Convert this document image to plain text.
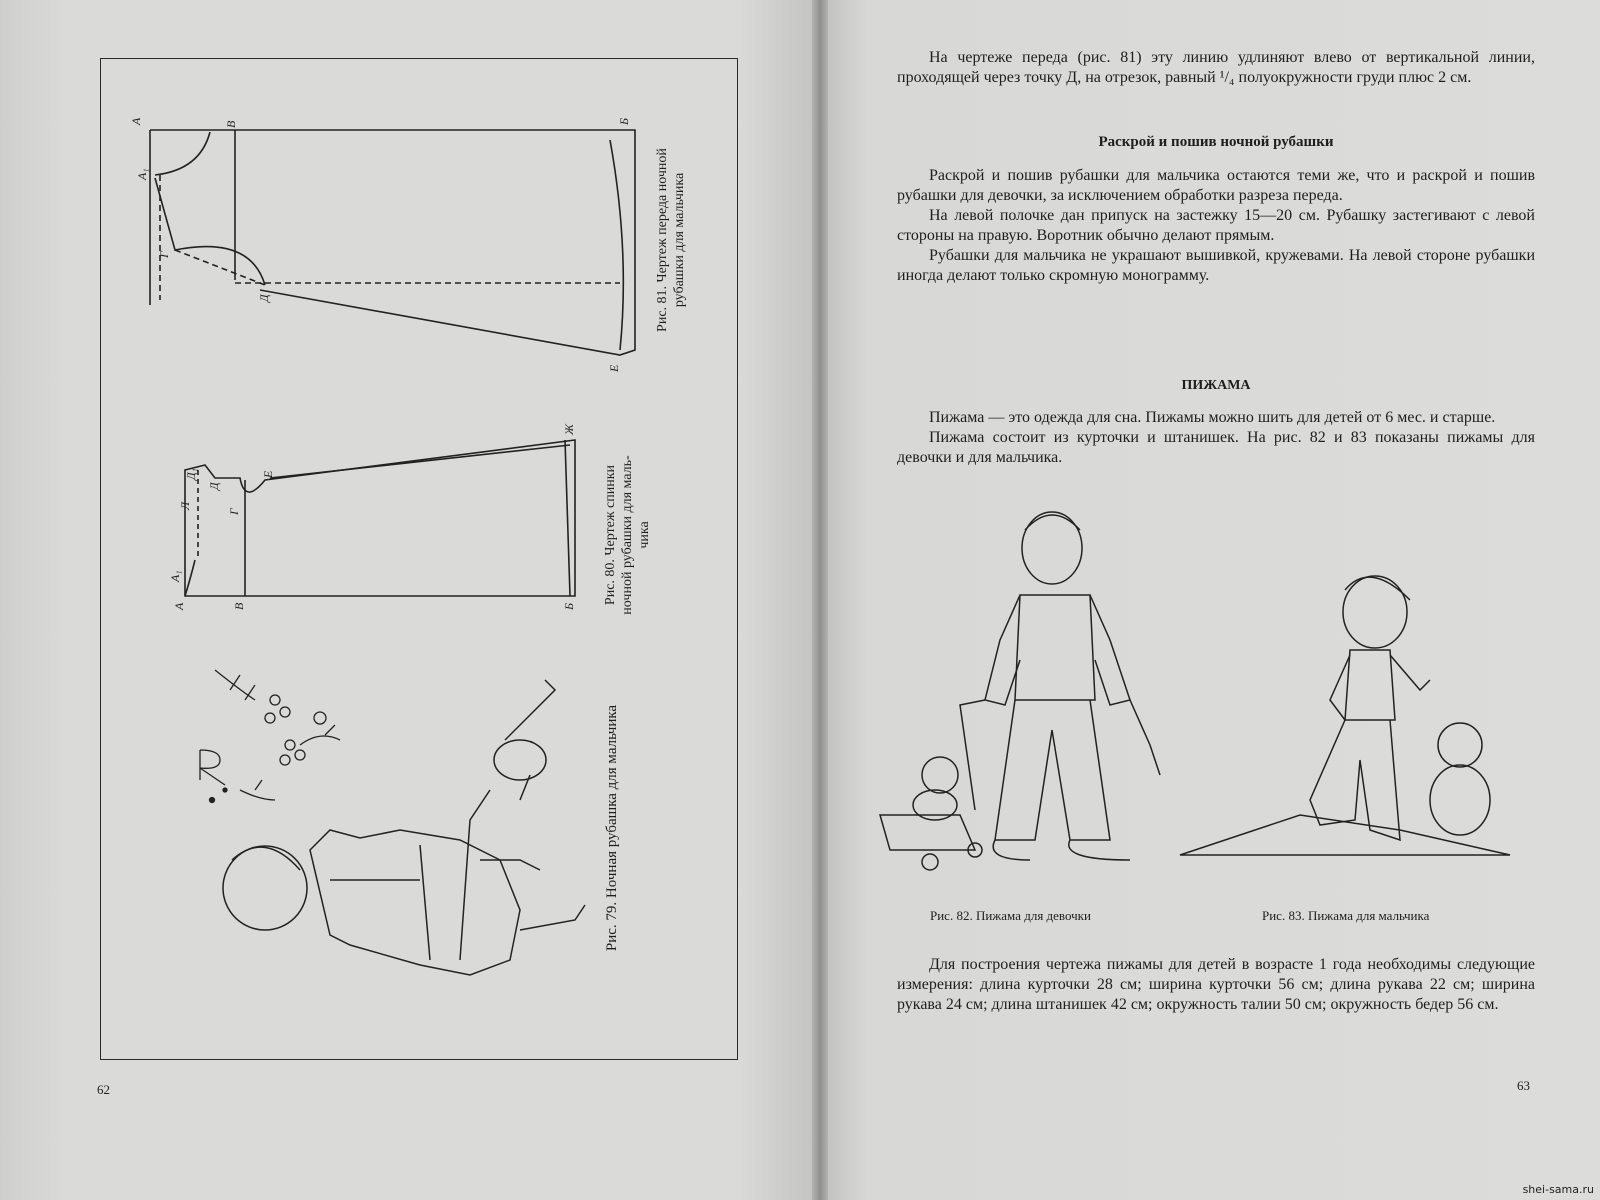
А	В	Б
А₁
Г
Д
Е
А	В	Б
А₁
Д₁
Л
Г
Д
Е
Ж
Рис. 81. Чертеж переда ночной
рубашки для мальчика
Рис. 80. Чертеж спинки
ночной рубашки для маль-
чика
Рис. 79. Ночная рубашка для мальчика
62

На чертеже переда (рис. 81) эту линию удлиняют влево от вертикальной линии, проходящей через точку Д, на отрезок, равный ¹/₄ полуокружности груди плюс 2 см.

Раскрой и пошив ночной рубашки

Раскрой и пошив рубашки для мальчика остаются теми же, что и раскрой и пошив рубашки для девочки, за исключением обработки разреза переда.

На левой полочке дан припуск на застежку 15—20 см. Рубашку застегивают с левой стороны на правую. Воротник обычно делают прямым.

Рубашки для мальчика не украшают вышивкой, кружевами. На левой стороне рубашки иногда делают только скромную монограмму.

ПИЖАМА

Пижама — это одежда для сна. Пижамы можно шить для детей от 6 мес. и старше.

Пижама состоит из курточки и штанишек. На рис. 82 и 83 показаны пижамы для девочки и для мальчика.

Рис. 82. Пижама для девочки	Рис. 83. Пижама для мальчика

Для построения чертежа пижамы для детей в возрасте 1 года необходимы следующие измерения: длина курточки 28 см; ширина курточки 56 см; длина рукава 22 см; ширина рукава 24 см; длина штанишек 42 см; окружность талии 50 см; окружность бедер 56 см.

63
shei-sama.ru
